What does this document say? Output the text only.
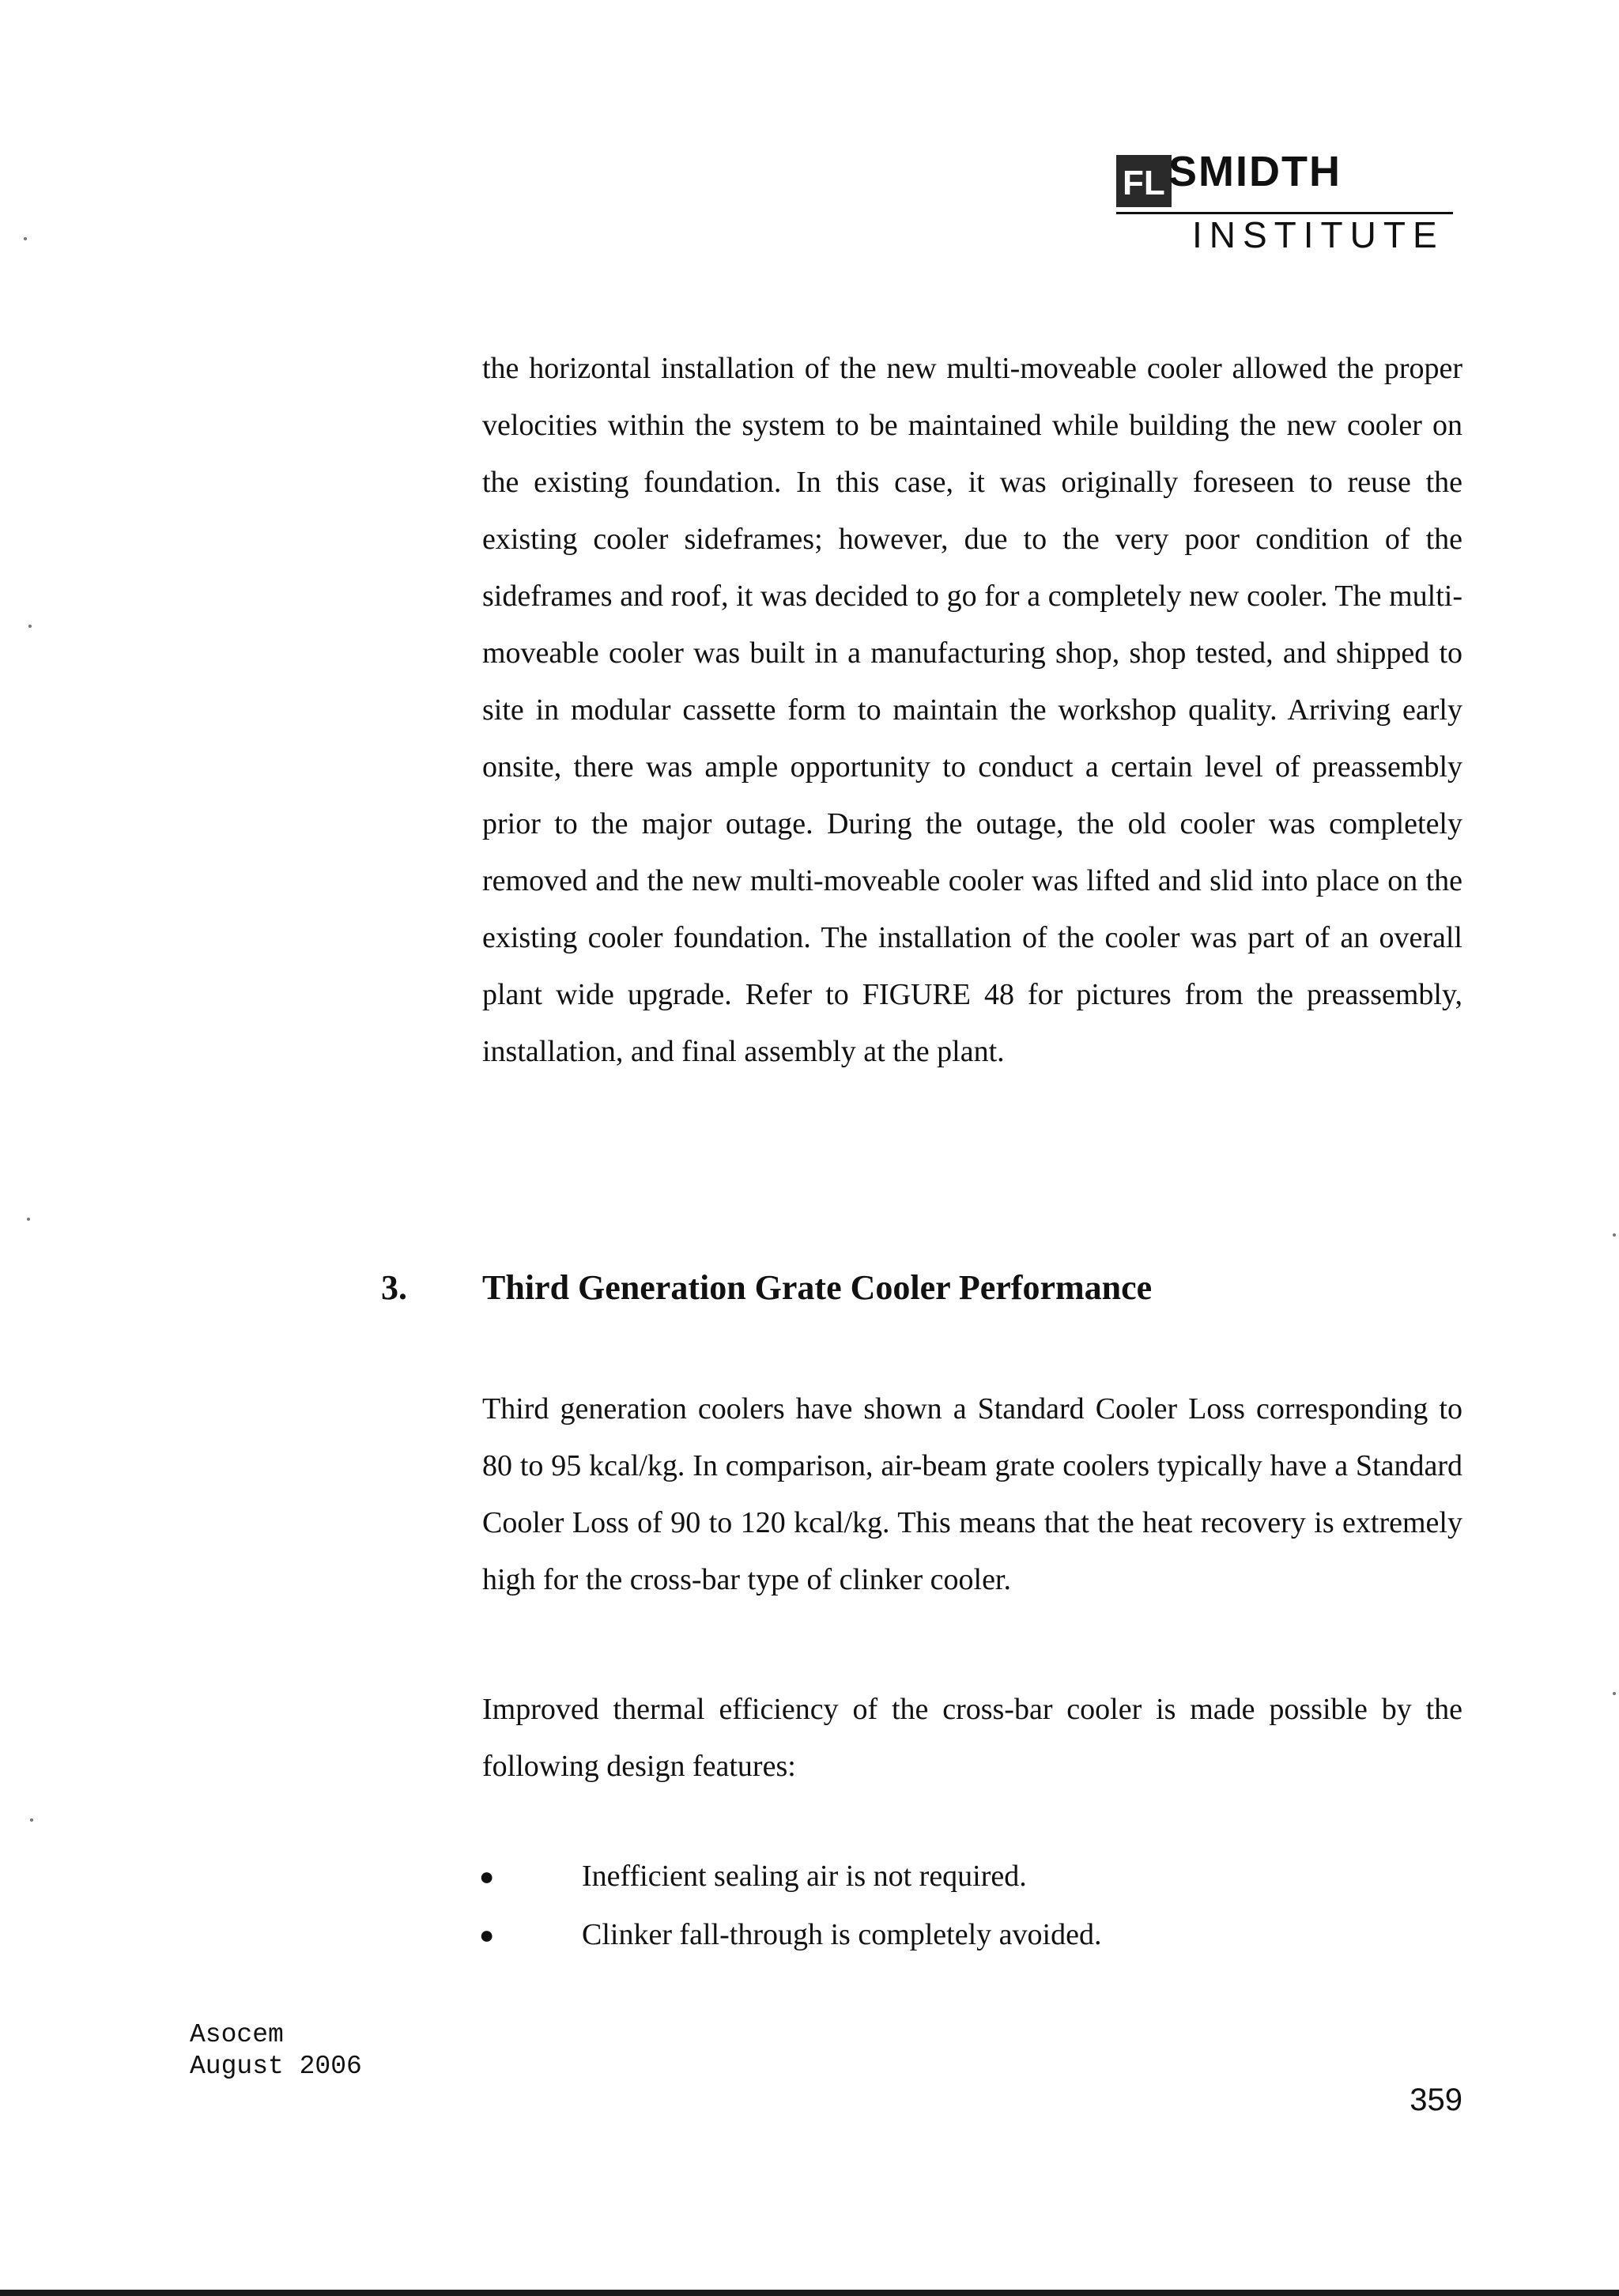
FL SMIDTH
INSTITUTE

the horizontal installation of the new multi-moveable cooler allowed the proper velocities within the system to be maintained while building the new cooler on the existing foundation. In this case, it was originally foreseen to reuse the existing cooler sideframes; however, due to the very poor condition of the sideframes and roof, it was decided to go for a completely new cooler. The multi-moveable cooler was built in a manufacturing shop, shop tested, and shipped to site in modular cassette form to maintain the workshop quality. Arriving early onsite, there was ample opportunity to conduct a certain level of preassembly prior to the major outage. During the outage, the old cooler was completely removed and the new multi-moveable cooler was lifted and slid into place on the existing cooler foundation. The installation of the cooler was part of an overall plant wide upgrade. Refer to FIGURE 48 for pictures from the preassembly, installation, and final assembly at the plant.

3. Third Generation Grate Cooler Performance

Third generation coolers have shown a Standard Cooler Loss corresponding to 80 to 95 kcal/kg. In comparison, air-beam grate coolers typically have a Standard Cooler Loss of 90 to 120 kcal/kg. This means that the heat recovery is extremely high for the cross-bar type of clinker cooler.

Improved thermal efficiency of the cross-bar cooler is made possible by the following design features:

●	Inefficient sealing air is not required.
●	Clinker fall-through is completely avoided.
Asocem
August 2006
359
